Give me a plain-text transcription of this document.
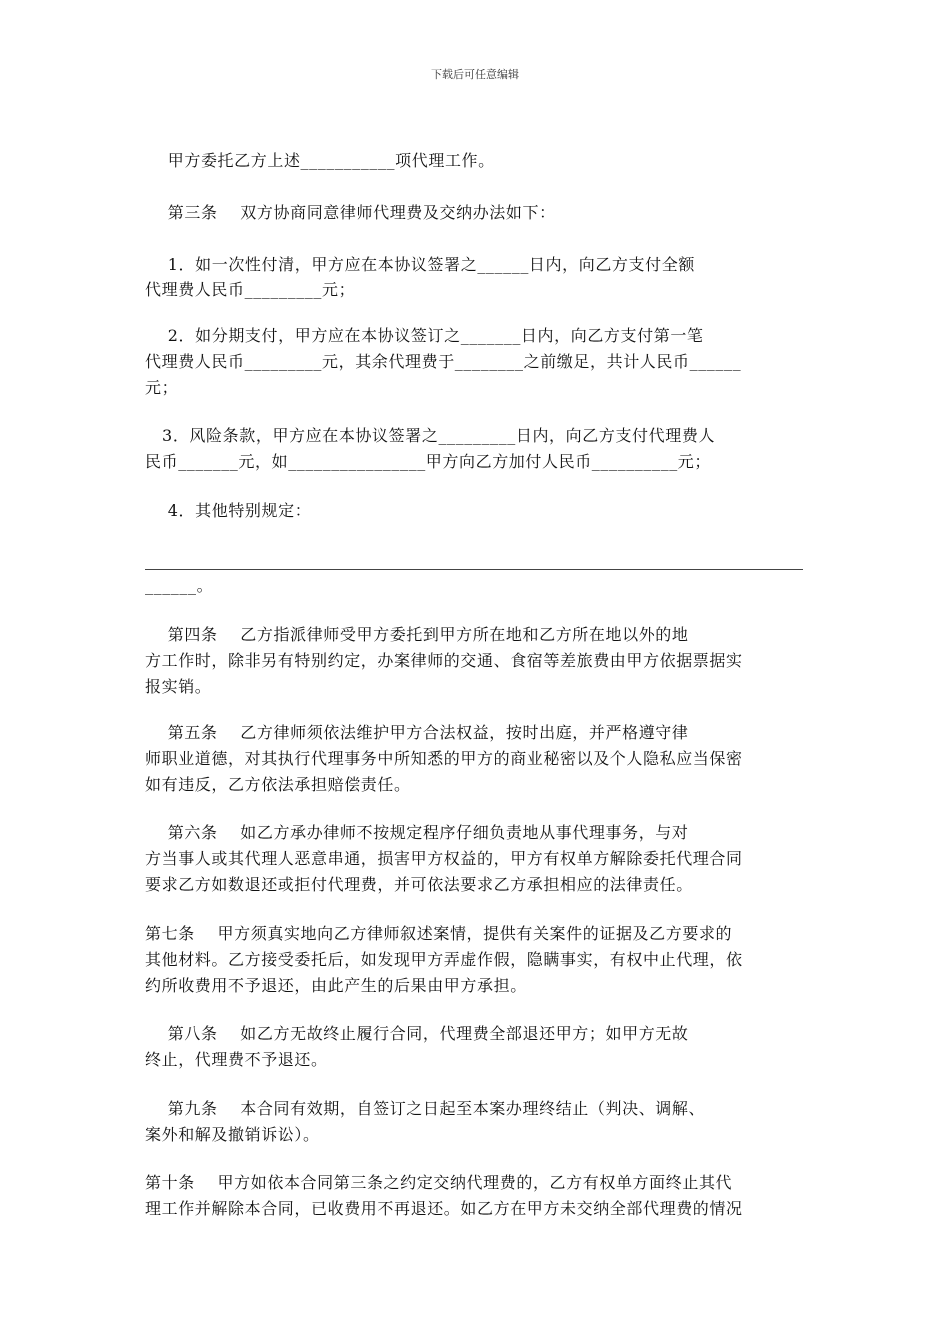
下载后可任意编辑
甲方委托乙方上述___________项代理工作。
第三条    双方协商同意律师代理费及交纳办法如下：
1．如一次性付清，甲方应在本协议签署之______日内，向乙方支付全额
代理费人民币_________元；
2．如分期支付，甲方应在本协议签订之_______日内，向乙方支付第一笔
代理费人民币_________元，其余代理费于________之前缴足，共计人民币______
元；
3．风险条款，甲方应在本协议签署之_________日内，向乙方支付代理费人
民币_______元，如________________甲方向乙方加付人民币__________元；
4．其他特别规定：
______。
第四条    乙方指派律师受甲方委托到甲方所在地和乙方所在地以外的地
方工作时，除非另有特别约定，办案律师的交通、食宿等差旅费由甲方依据票据实
报实销。
第五条    乙方律师须依法维护甲方合法权益，按时出庭，并严格遵守律
师职业道德，对其执行代理事务中所知悉的甲方的商业秘密以及个人隐私应当保密
如有违反，乙方依法承担赔偿责任。
第六条    如乙方承办律师不按规定程序仔细负责地从事代理事务，与对
方当事人或其代理人恶意串通，损害甲方权益的，甲方有权单方解除委托代理合同
要求乙方如数退还或拒付代理费，并可依法要求乙方承担相应的法律责任。
第七条    甲方须真实地向乙方律师叙述案情，提供有关案件的证据及乙方要求的
其他材料。乙方接受委托后，如发现甲方弄虚作假，隐瞒事实，有权中止代理，依
约所收费用不予退还，由此产生的后果由甲方承担。
第八条    如乙方无故终止履行合同，代理费全部退还甲方；如甲方无故
终止，代理费不予退还。
第九条    本合同有效期，自签订之日起至本案办理终结止（判决、调解、
案外和解及撤销诉讼）。
第十条    甲方如依本合同第三条之约定交纳代理费的，乙方有权单方面终止其代
理工作并解除本合同，已收费用不再退还。如乙方在甲方未交纳全部代理费的情况
